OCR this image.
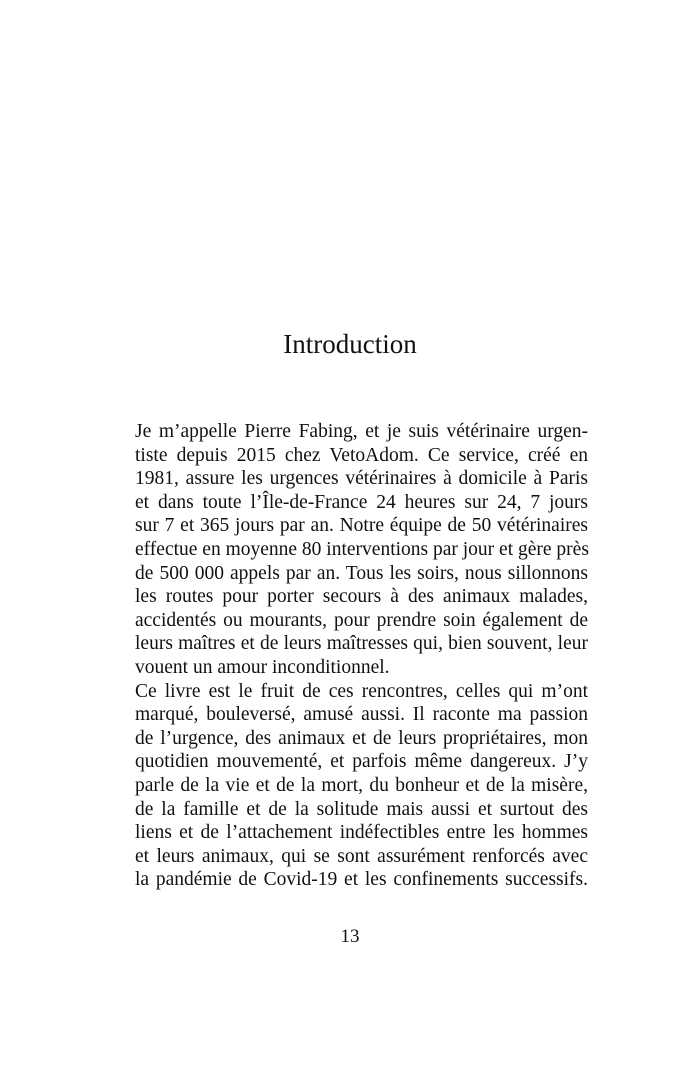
Introduction

Je m’appelle Pierre Fabing, et je suis vétérinaire urgen-
tiste depuis 2015 chez VetoAdom. Ce service, créé en
1981, assure les urgences vétérinaires à domicile à Paris
et dans toute l’Île-de-France 24 heures sur 24, 7 jours
sur 7 et 365 jours par an. Notre équipe de 50 vétérinaires
effectue en moyenne 80 interventions par jour et gère près
de 500 000 appels par an. Tous les soirs, nous sillonnons
les routes pour porter secours à des animaux malades,
accidentés ou mourants, pour prendre soin également de
leurs maîtres et de leurs maîtresses qui, bien souvent, leur
vouent un amour inconditionnel.

Ce livre est le fruit de ces rencontres, celles qui m’ont
marqué, bouleversé, amusé aussi. Il raconte ma passion
de l’urgence, des animaux et de leurs propriétaires, mon
quotidien mouvementé, et parfois même dangereux. J’y
parle de la vie et de la mort, du bonheur et de la misère,
de la famille et de la solitude mais aussi et surtout des
liens et de l’attachement indéfectibles entre les hommes
et leurs animaux, qui se sont assurément renforcés avec
la pandémie de Covid-19 et les confinements successifs.

13
